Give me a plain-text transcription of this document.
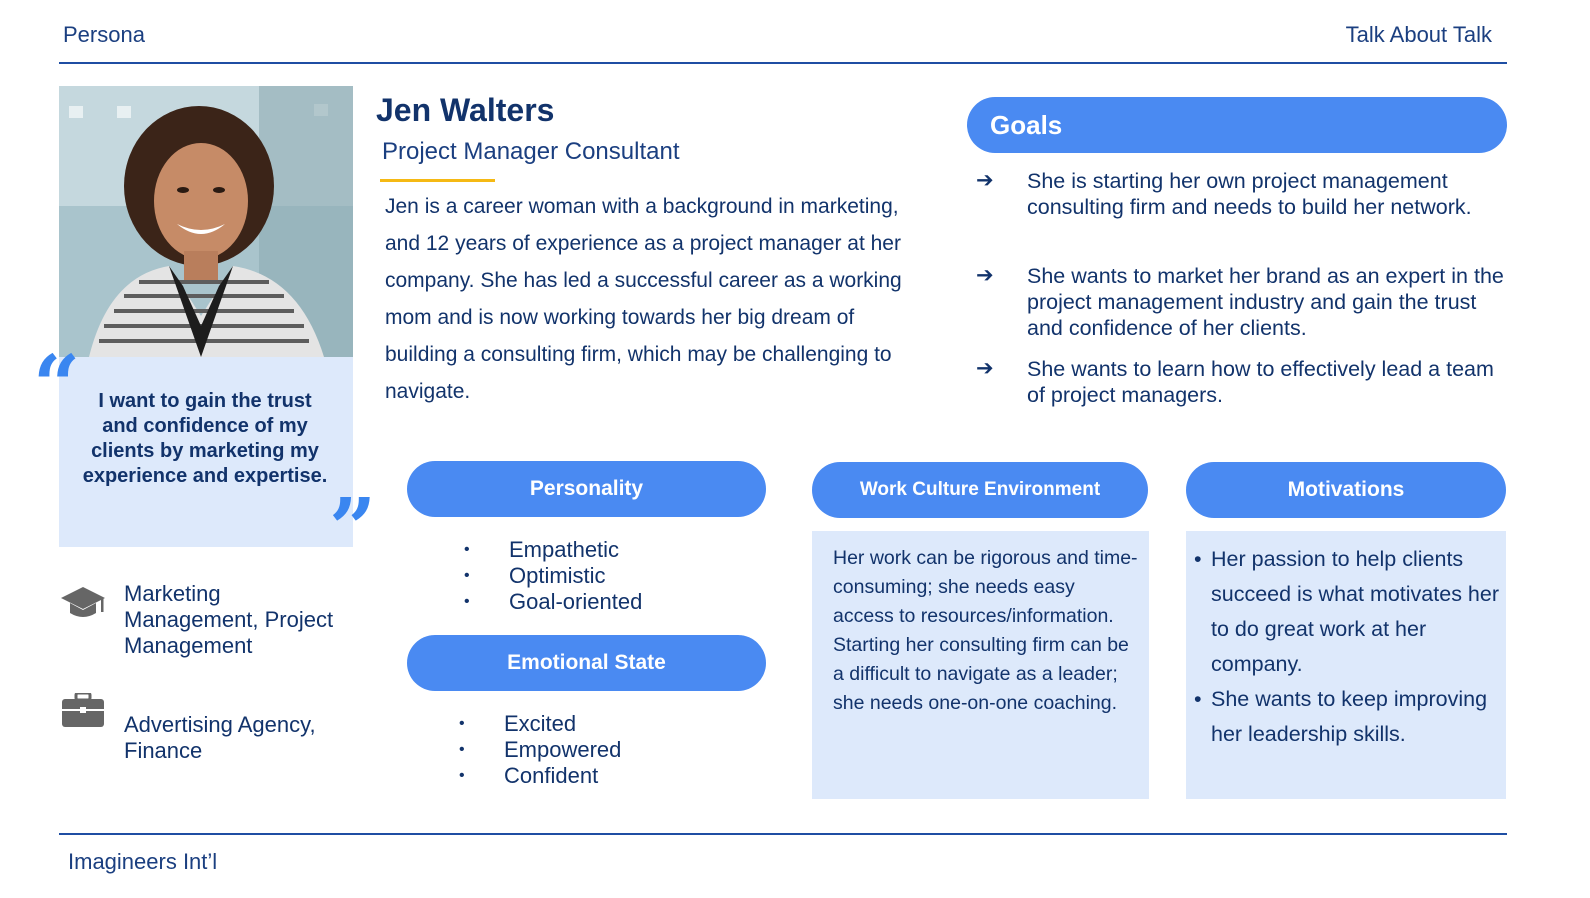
Persona	Talk About Talk
“ I want to gain the trust and confidence of my clients by marketing my experience and expertise.
”
Marketing Management, Project Management
Advertising Agency, Finance
Jen Walters
Project Manager Consultant
Jen is a career woman with a background in marketing, and 12 years of experience as a project manager at her company. She has led a successful career as a working mom and is now working towards her big dream of building a consulting firm, which may be challenging to navigate.
Goals
➔ She is starting her own project management consulting firm and needs to build her network.
➔ She wants to market her brand as an expert in the project management industry and gain the trust and confidence of her clients.
➔ She wants to learn how to effectively lead a team of project managers.
Personality
• Empathetic
• Optimistic
• Goal-oriented
Emotional State
• Excited
• Empowered
• Confident
Work Culture Environment
Her work can be rigorous and time-consuming; she needs easy access to resources/information. Starting her consulting firm can be a difficult to navigate as a leader; she needs one-on-one coaching.
Motivations
• Her passion to help clients succeed is what motivates her to do great work at her company.
• She wants to keep improving her leadership skills.
Imagineers Int’l
